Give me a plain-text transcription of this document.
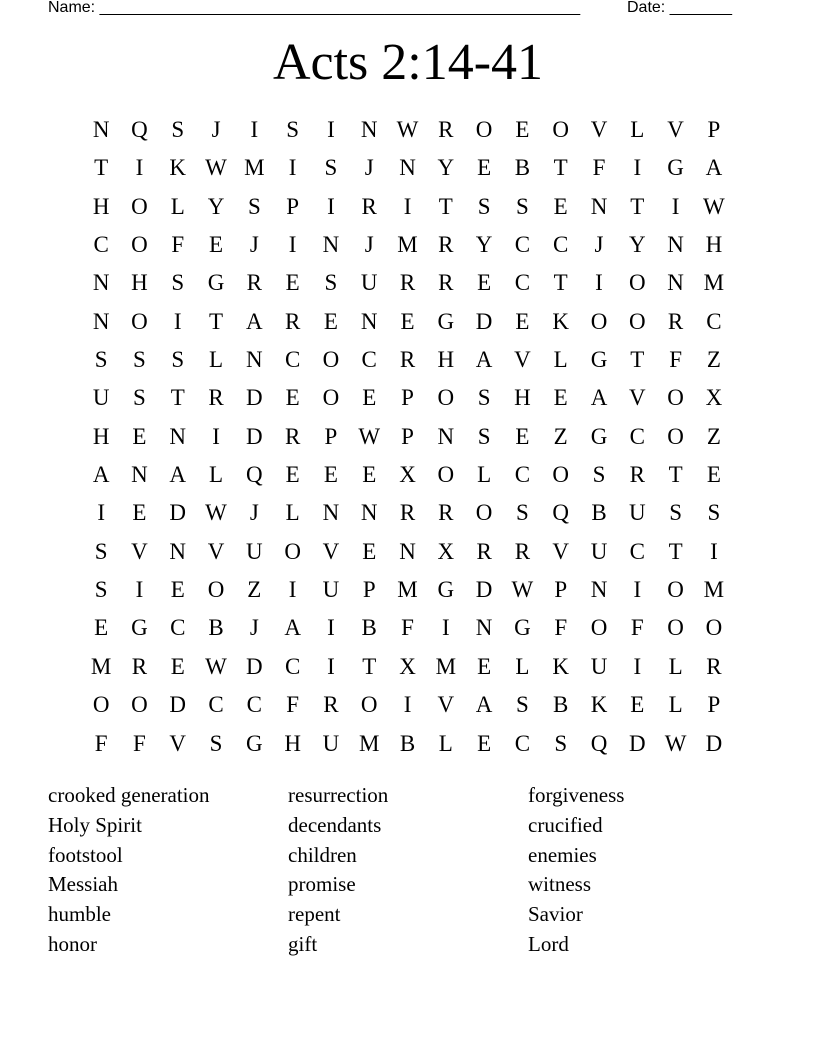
Name: ______________________________________________________	Date: _______
Acts 2:14-41
N Q	S	J	I	S	I	N W R O E O V L V	P
T	I	K W M	I	S	J	N Y E	B	T	F	I	G A
H O L Y	S	P	I	R	I	T	S	S	E N T	I	W
C O	F	E	J	I	N	J	M R Y C C	J	Y N H
N H	S	G R	E	S	U R R	E	C	T	I	O N M
N O	I	T A R	E N E G D E K O O R C
S	S	S	L N C O C R H A V L G T	F	Z
U	S	T	R D E O E	P	O	S	H E A V O X
H E N	I	D R	P W P	N	S	E	Z G C O Z
A N A L Q E	E	E X O L	C O	S	R	T	E
I	E D W J	L N N R R O	S	Q B U	S	S
S	V N V U O V E N X R R V U C	T	I
S	I	E O Z	I	U	P M G D W P	N	I	O M
E G C B	J	A	I	B	F	I	N G	F	O	F	O O
M R	E W D C	I	T X M E	L K U	I	L	R
O O D C C	F	R O	I	V A	S	B K E	L	P
F	F	V	S	G H U M B	L	E	C	S	Q D W D
crooked generation	resurrection	forgiveness
Holy Spirit	decendants	crucified
footstool	children	enemies
Messiah	promise	witness
humble	repent	Savior
honor	gift	Lord
